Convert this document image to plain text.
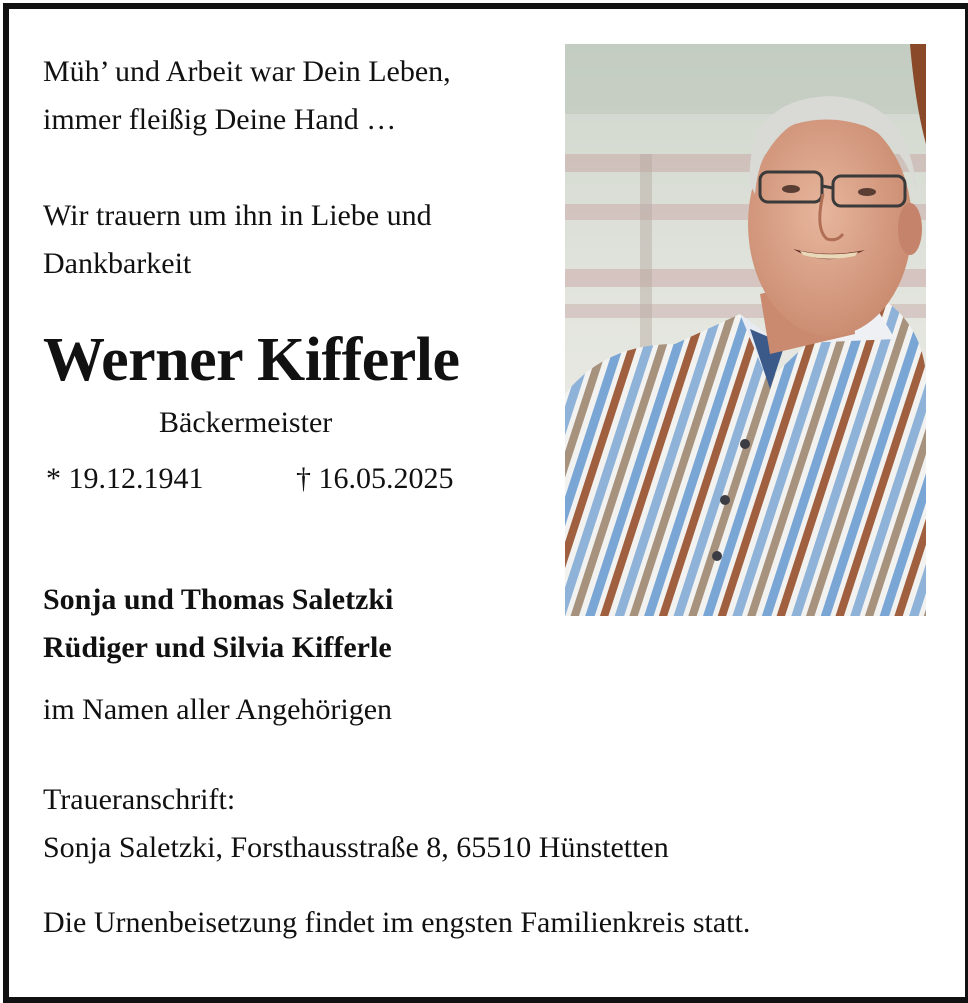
Müh’ und Arbeit war Dein Leben,
immer fleißig Deine Hand …
Wir trauern um ihn in Liebe und
Dankbarkeit
Werner Kifferle
Bäckermeister
* 19.12.1941	† 16.05.2025
Sonja und Thomas Saletzki
Rüdiger und Silvia Kifferle
im Namen aller Angehörigen
Traueranschrift:
Sonja Saletzki, Forsthausstraße 8, 65510 Hünstetten
Die Urnenbeisetzung findet im engsten Familienkreis statt.
